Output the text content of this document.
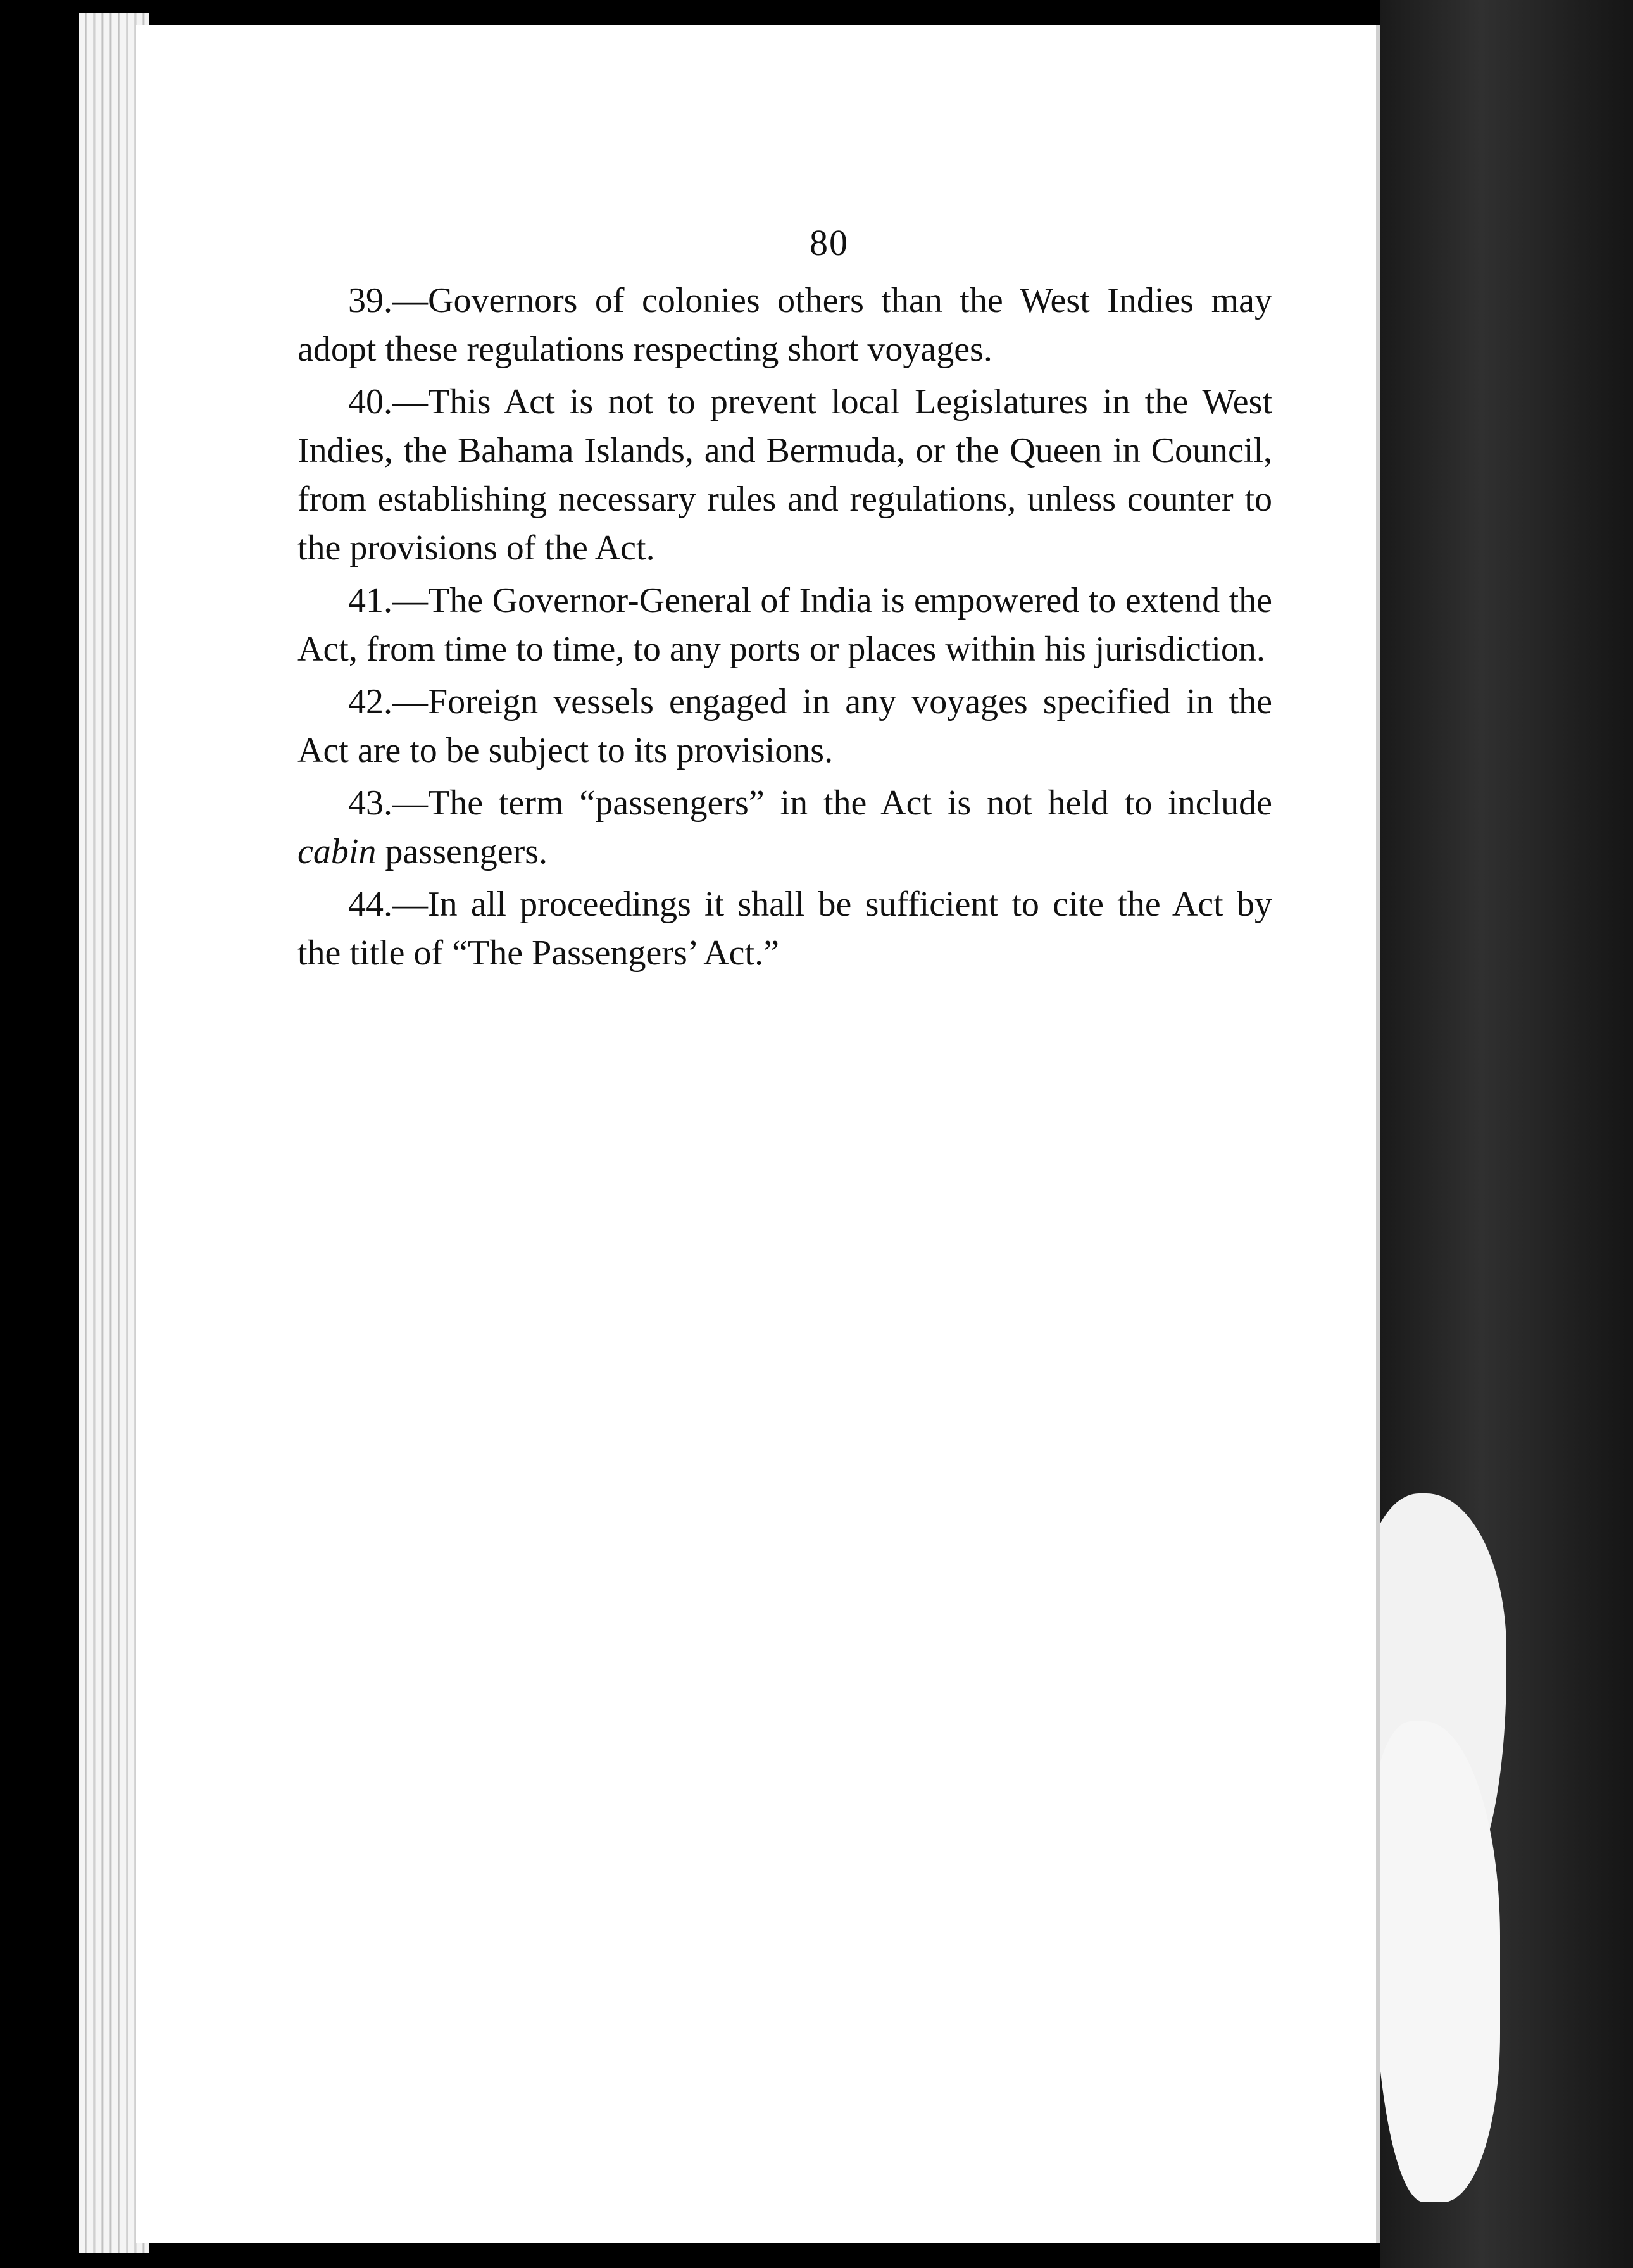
80

39.—Governors of colonies others than the West Indies may adopt these regulations respecting short voyages.

40.—This Act is not to prevent local Legislatures in the West Indies, the Bahama Islands, and Bermuda, or the Queen in Council, from establishing necessary rules and regulations, unless counter to the provisions of the Act.

41.—The Governor-General of India is empowered to extend the Act, from time to time, to any ports or places within his jurisdiction.

42.—Foreign vessels engaged in any voyages specified in the Act are to be subject to its provisions.

43.—The term “passengers” in the Act is not held to include cabin passengers.

44.—In all proceedings it shall be sufficient to cite the Act by the title of “The Passengers’ Act.”
